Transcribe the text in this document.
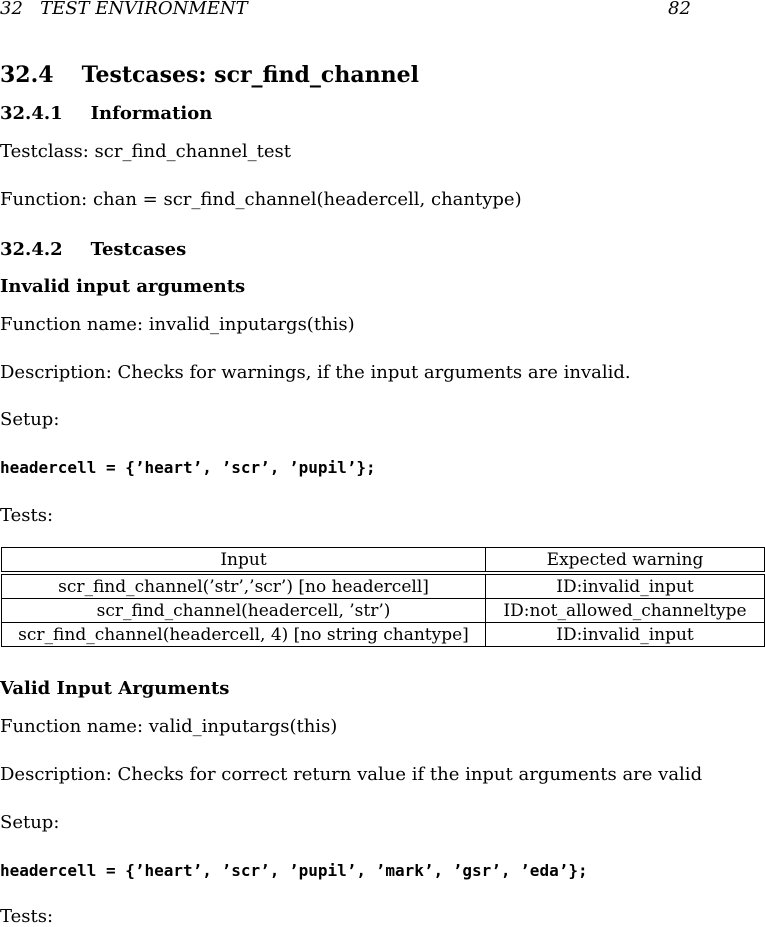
32   TEST ENVIRONMENT	82
32.4 Testcases: scr_find_channel
32.4.1 Information
Testclass: scr_find_channel_test
Function: chan = scr_find_channel(headercell, chantype)
32.4.2 Testcases
Invalid input arguments
Function name: invalid_inputargs(this)
Description: Checks for warnings, if the input arguments are invalid.
Setup:
headercell = {’heart’, ’scr’, ’pupil’};
Tests:
Input	Expected warning
scr_find_channel(’str’,’scr’) [no headercell]	ID:invalid_input
scr_find_channel(headercell, ’str’)	ID:not_allowed_channeltype
scr_find_channel(headercell, 4) [no string chantype]	ID:invalid_input
Valid Input Arguments
Function name: valid_inputargs(this)
Description: Checks for correct return value if the input arguments are valid
Setup:
headercell = {’heart’, ’scr’, ’pupil’, ’mark’, ’gsr’, ’eda’};
Tests:
